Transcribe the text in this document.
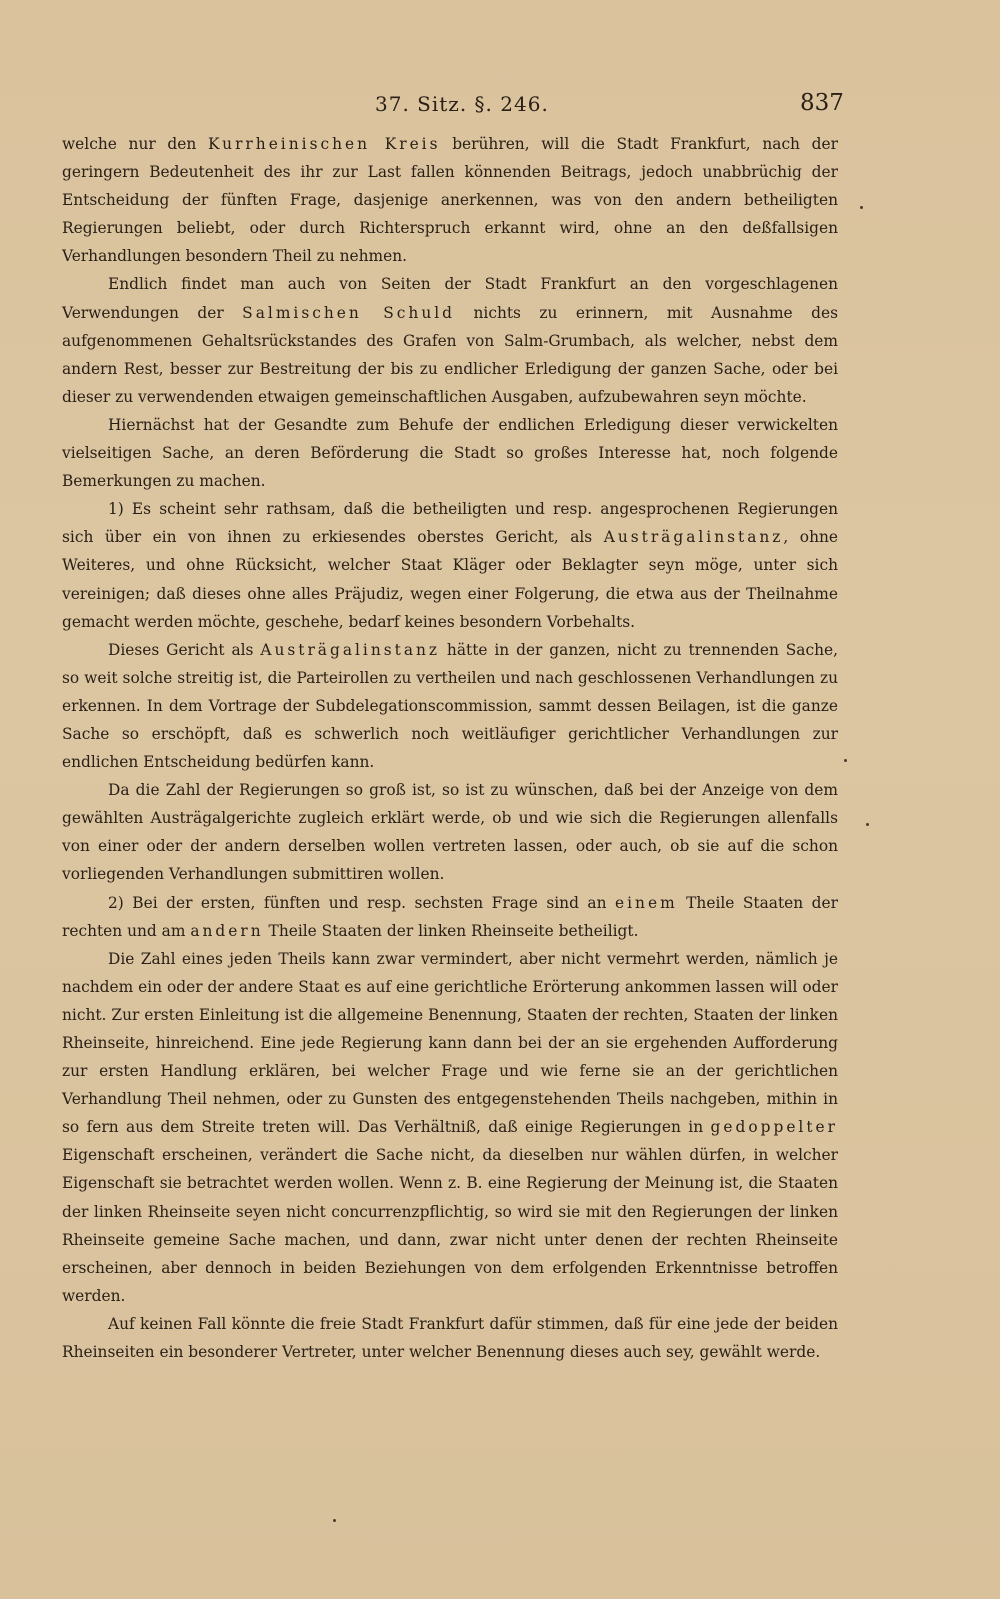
37. Sitz. §. 246.	837

welche nur den Kurrheinischen Kreis berühren, will die Stadt Frankfurt, nach der geringern Bedeutenheit des ihr zur Last fallen könnenden Beitrags, jedoch unabbrüchig der Entscheidung der fünften Frage, dasjenige anerkennen, was von den andern betheiligten Regierungen beliebt, oder durch Richterspruch erkannt wird, ohne an den deßfallsigen Verhandlungen besondern Theil zu nehmen.

Endlich findet man auch von Seiten der Stadt Frankfurt an den vorgeschlagenen Verwendungen der Salmischen Schuld nichts zu erinnern, mit Ausnahme des aufgenommenen Gehaltsrückstandes des Grafen von Salm-Grumbach, als welcher, nebst dem andern Rest, besser zur Bestreitung der bis zu endlicher Erledigung der ganzen Sache, oder bei dieser zu verwendenden etwaigen gemeinschaftlichen Ausgaben, aufzubewahren seyn möchte.

Hiernächst hat der Gesandte zum Behufe der endlichen Erledigung dieser verwickelten vielseitigen Sache, an deren Beförderung die Stadt so großes Interesse hat, noch folgende Bemerkungen zu machen.

1) Es scheint sehr rathsam, daß die betheiligten und resp. angesprochenen Regierungen sich über ein von ihnen zu erkiesendes oberstes Gericht, als Austrägalinstanz, ohne Weiteres, und ohne Rücksicht, welcher Staat Kläger oder Beklagter seyn möge, unter sich vereinigen; daß dieses ohne alles Präjudiz, wegen einer Folgerung, die etwa aus der Theilnahme gemacht werden möchte, geschehe, bedarf keines besondern Vorbehalts.

Dieses Gericht als Austrägalinstanz hätte in der ganzen, nicht zu trennenden Sache, so weit solche streitig ist, die Parteirollen zu vertheilen und nach geschlossenen Verhandlungen zu erkennen. In dem Vortrage der Subdelegationscommission, sammt dessen Beilagen, ist die ganze Sache so erschöpft, daß es schwerlich noch weitläufiger gerichtlicher Verhandlungen zur endlichen Entscheidung bedürfen kann.

Da die Zahl der Regierungen so groß ist, so ist zu wünschen, daß bei der Anzeige von dem gewählten Austrägalgerichte zugleich erklärt werde, ob und wie sich die Regierungen allenfalls von einer oder der andern derselben wollen vertreten lassen, oder auch, ob sie auf die schon vorliegenden Verhandlungen submittiren wollen.

2) Bei der ersten, fünften und resp. sechsten Frage sind an einem Theile Staaten der rechten und am andern Theile Staaten der linken Rheinseite betheiligt.

Die Zahl eines jeden Theils kann zwar vermindert, aber nicht vermehrt werden, nämlich je nachdem ein oder der andere Staat es auf eine gerichtliche Erörterung ankommen lassen will oder nicht. Zur ersten Einleitung ist die allgemeine Benennung, Staaten der rechten, Staaten der linken Rheinseite, hinreichend. Eine jede Regierung kann dann bei der an sie ergehenden Aufforderung zur ersten Handlung erklären, bei welcher Frage und wie ferne sie an der gerichtlichen Verhandlung Theil nehmen, oder zu Gunsten des entgegenstehenden Theils nachgeben, mithin in so fern aus dem Streite treten will. Das Verhältniß, daß einige Regierungen in gedoppelter Eigenschaft erscheinen, verändert die Sache nicht, da dieselben nur wählen dürfen, in welcher Eigenschaft sie betrachtet werden wollen. Wenn z. B. eine Regierung der Meinung ist, die Staaten der linken Rheinseite seyen nicht concurrenzpflichtig, so wird sie mit den Regierungen der linken Rheinseite gemeine Sache machen, und dann, zwar nicht unter denen der rechten Rheinseite erscheinen, aber dennoch in beiden Beziehungen von dem erfolgenden Erkenntnisse betroffen werden.

Auf keinen Fall könnte die freie Stadt Frankfurt dafür stimmen, daß für eine jede der beiden Rheinseiten ein besonderer Vertreter, unter welcher Benennung dieses auch sey, gewählt werde.
